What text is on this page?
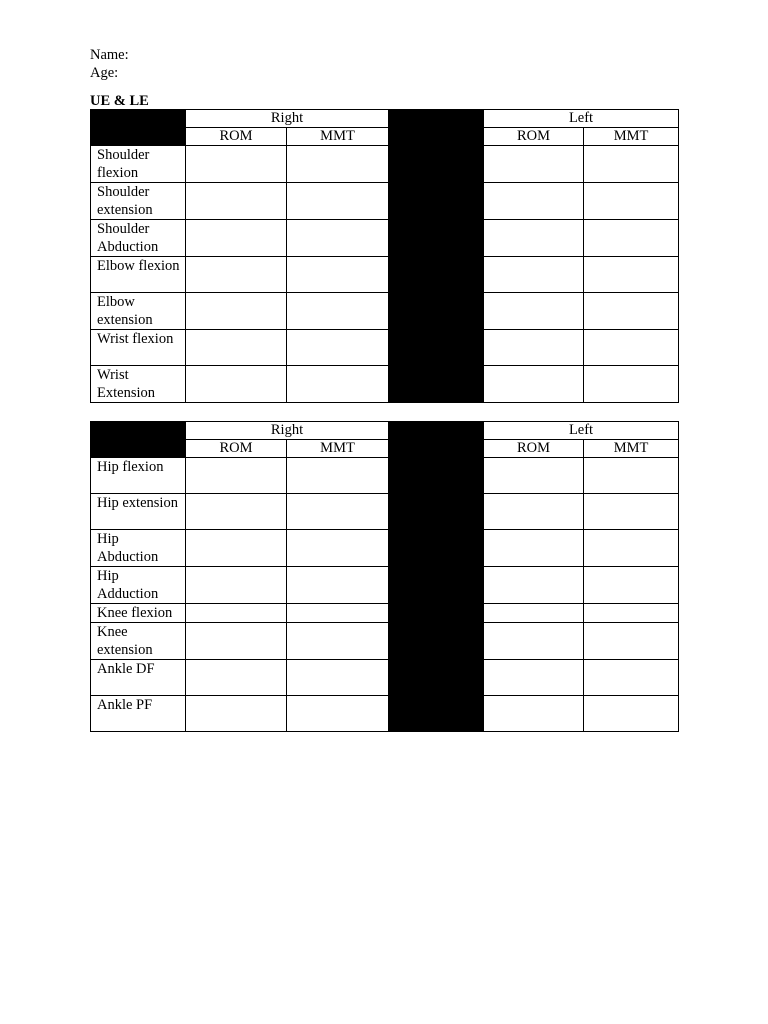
Name:
Age:
UE & LE
	Right			Left	
	ROM	MMT		ROM	MMT
Shoulder flexion					
Shoulder extension					
Shoulder Abduction					
Elbow flexion					
Elbow extension					
Wrist flexion					
Wrist Extension					
	Right			Left	
	ROM	MMT		ROM	MMT
Hip flexion					
Hip extension					
Hip Abduction					
Hip Adduction					
Knee flexion					
Knee extension					
Ankle DF					
Ankle PF					
